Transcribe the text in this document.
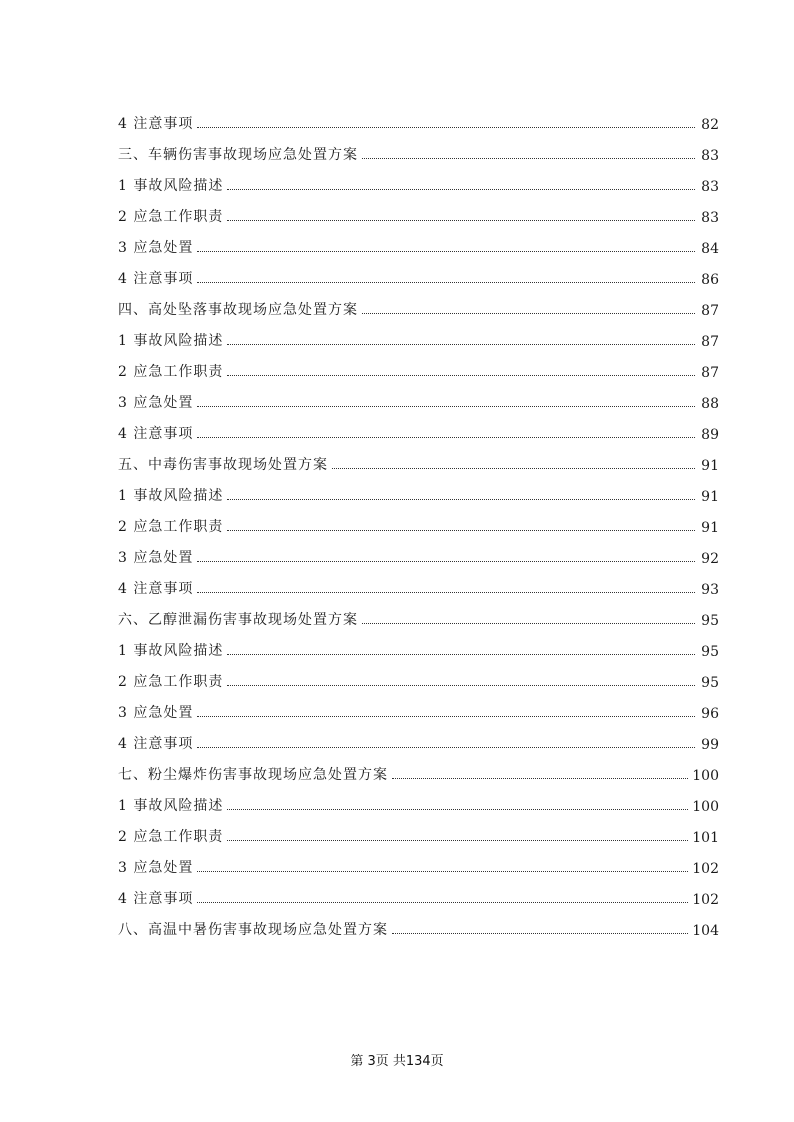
4 注意事项	82
三、车辆伤害事故现场应急处置方案	83
1 事故风险描述	83
2 应急工作职责	83
3 应急处置	84
4 注意事项	86
四、高处坠落事故现场应急处置方案	87
1 事故风险描述	87
2 应急工作职责	87
3 应急处置	88
4 注意事项	89
五、中毒伤害事故现场处置方案	91
1 事故风险描述	91
2 应急工作职责	91
3 应急处置	92
4 注意事项	93
六、乙醇泄漏伤害事故现场处置方案	95
1 事故风险描述	95
2 应急工作职责	95
3 应急处置	96
4 注意事项	99
七、粉尘爆炸伤害事故现场应急处置方案	100
1 事故风险描述	100
2 应急工作职责	101
3 应急处置	102
4 注意事项	102
八、高温中暑伤害事故现场应急处置方案	104
第 3页 共134页
